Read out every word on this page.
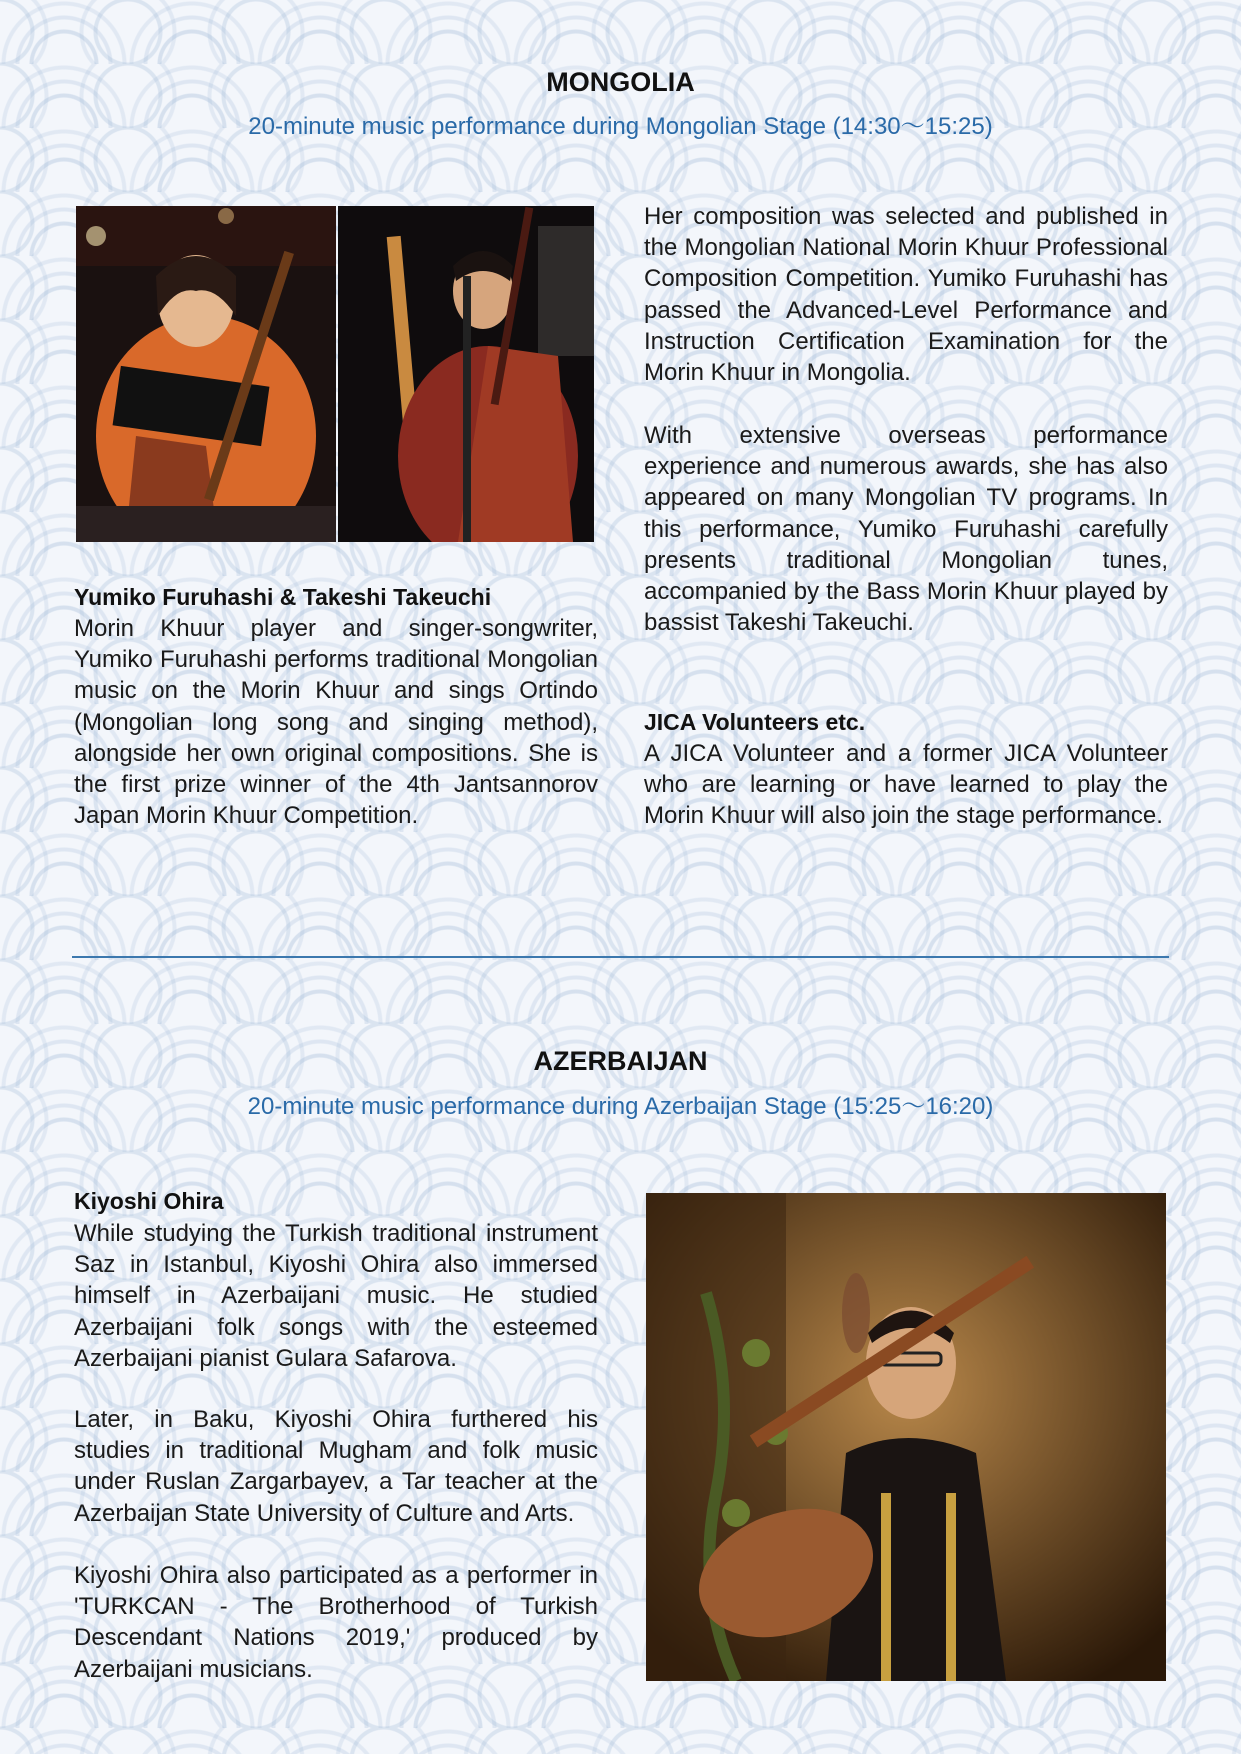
MONGOLIA
20-minute music performance during Mongolian Stage (14:30～15:25)

Yumiko Furuhashi & Takeshi Takeuchi

Morin Khuur player and singer-songwriter, Yumiko Furuhashi performs traditional Mongolian music on the Morin Khuur and sings Ortindo (Mongolian long song and singing method), alongside her own original compositions. She is the first prize winner of the 4th Jantsannorov Japan Morin Khuur Competition.

Her composition was selected and published in the Mongolian National Morin Khuur Professional Composition Competition. Yumiko Furuhashi has passed the Advanced-Level Performance and Instruction Certification Examination for the Morin Khuur in Mongolia.

With extensive overseas performance experience and numerous awards, she has also appeared on many Mongolian TV programs. In this performance, Yumiko Furuhashi carefully presents traditional Mongolian tunes, accompanied by the Bass Morin Khuur played by bassist Takeshi Takeuchi.

JICA Volunteers etc.

A JICA Volunteer and a former JICA Volunteer who are learning or have learned to play the Morin Khuur will also join the stage performance.

AZERBAIJAN
20-minute music performance during Azerbaijan Stage (15:25～16:20)

Kiyoshi Ohira

While studying the Turkish traditional instrument Saz in Istanbul, Kiyoshi Ohira also immersed himself in Azerbaijani music. He studied Azerbaijani folk songs with the esteemed Azerbaijani pianist Gulara Safarova.

Later, in Baku, Kiyoshi Ohira furthered his studies in traditional Mugham and folk music under Ruslan Zargarbayev, a Tar teacher at the Azerbaijan State University of Culture and Arts.

Kiyoshi Ohira also participated as a performer in 'TURKCAN - The Brotherhood of Turkish Descendant Nations 2019,' produced by Azerbaijani musicians.
